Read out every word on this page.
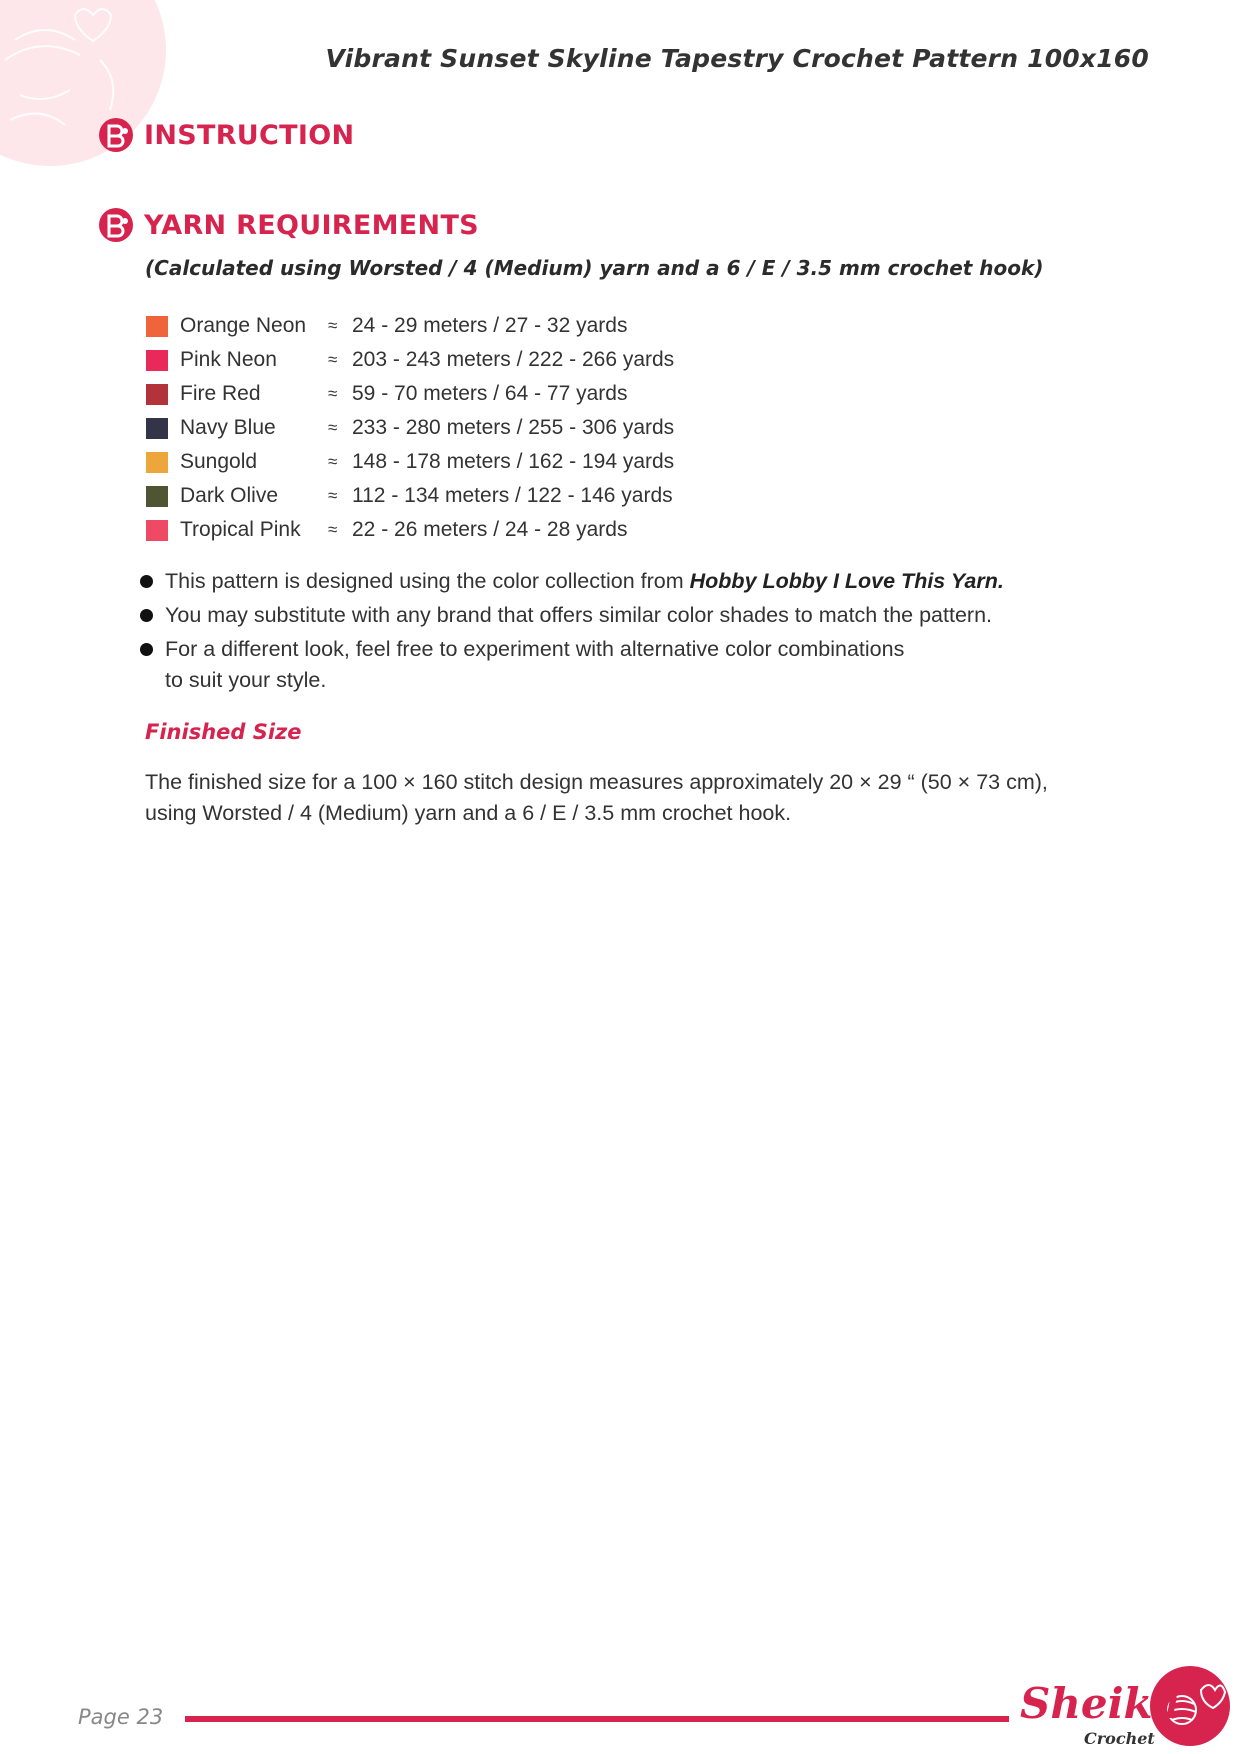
Vibrant Sunset Skyline Tapestry Crochet Pattern 100x160
INSTRUCTION
YARN REQUIREMENTS

(Calculated using Worsted / 4 (Medium) yarn and a 6 / E / 3.5 mm crochet hook)

Orange Neon	≈ 24 - 29 meters / 27 - 32 yards
Pink Neon	≈ 203 - 243 meters / 222 - 266 yards
Fire Red	≈ 59 - 70 meters / 64 - 77 yards
Navy Blue	≈ 233 - 280 meters / 255 - 306 yards
Sungold	≈ 148 - 178 meters / 162 - 194 yards
Dark Olive	≈ 112 - 134 meters / 122 - 146 yards
Tropical Pink	≈ 22 - 26 meters / 24 - 28 yards
This pattern is designed using the color collection from Hobby Lobby I Love This Yarn.
You may substitute with any brand that offers similar color shades to match the pattern.
For a different look, feel free to experiment with alternative color combinations
to suit your style.
Finished Size

The finished size for a 100 × 160 stitch design measures approximately 20 × 29 “ (50 × 73 cm),
using Worsted / 4 (Medium) yarn and a 6 / E / 3.5 mm crochet hook.

Page 23	Sheika
Crochet
